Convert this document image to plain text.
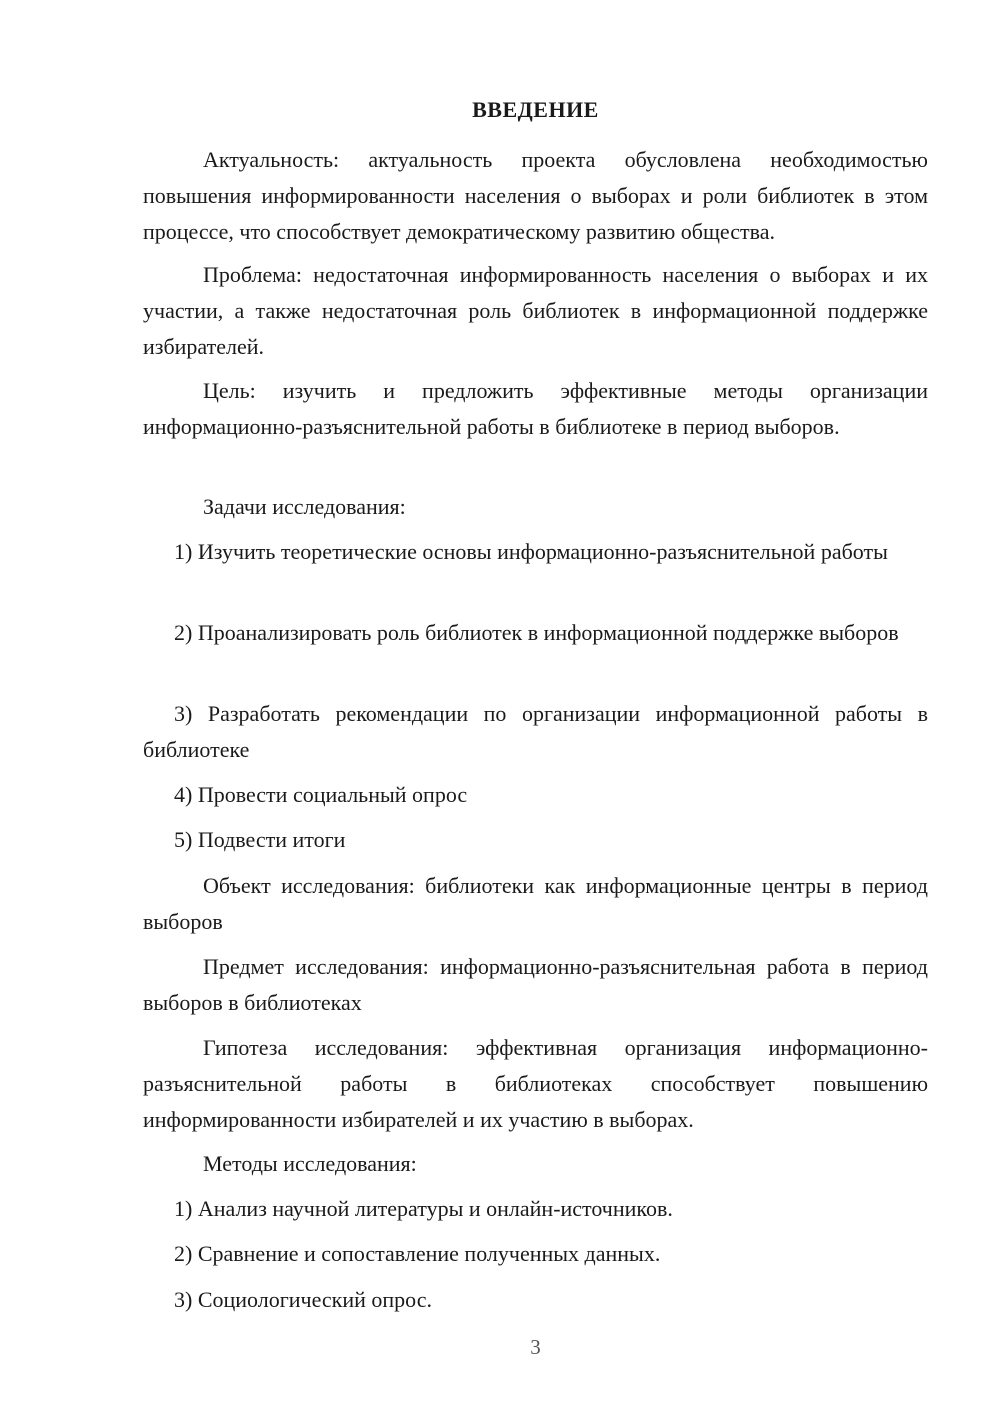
ВВЕДЕНИЕ
Актуальность: актуальность проекта обусловлена необходимостью повышения информированности населения о выборах и роли библиотек в этом процессе, что способствует демократическому развитию общества.
Проблема: недостаточная информированность населения о выборах и их участии, а также недостаточная роль библиотек в информационной поддержке избирателей.
Цель: изучить и предложить эффективные методы организации информационно-разъяснительной работы в библиотеке в период выборов.
Задачи исследования:
1) Изучить теоретические основы информационно-разъяснительной работы
2) Проанализировать роль библиотек в информационной поддержке выборов
3) Разработать рекомендации по организации информационной работы в библиотеке
4) Провести социальный опрос
5) Подвести итоги
Объект исследования: библиотеки как информационные центры в период выборов
Предмет исследования: информационно-разъяснительная работа в период выборов в библиотеках
Гипотеза исследования: эффективная организация информационно-разъяснительной работы в библиотеках способствует повышению информированности избирателей и их участию в выборах.
Методы исследования:
1) Анализ научной литературы и онлайн-источников.
2) Сравнение и сопоставление полученных данных.
3) Социологический опрос.
3
